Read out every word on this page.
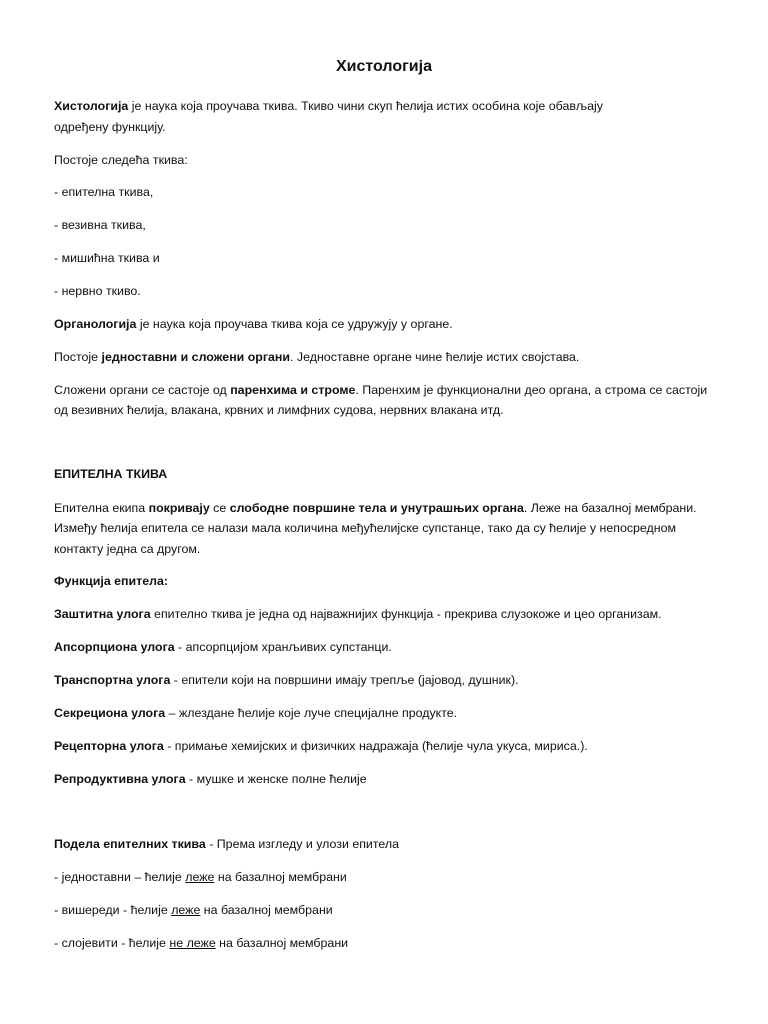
Хистологија
Хистологија је наука која проучава ткива. Ткиво чини скуп ћелија истих особина које обављају
одређену функцију.
Постоје следећа ткива:
- епителна ткива,
- везивна ткива,
- мишићна ткива и
- нервно ткиво.
Органологија је наука која проучава ткива која се удружују у органе.
Постоје једноставни и сложени органи. Једноставне органе чине ћелије истих својстава.
Сложени органи се састоје од паренхима и строме. Паренхим је функционални део органа, а строма се састоји
од везивних ћелија, влакана, крвних и лимфних судова, нервних влакана итд.
ЕПИТЕЛНА ТКИВА
Епителна екипа покривају се слободне површине тела и унутрашњих органа. Леже на базалној мембрани.
Између ћелија епитела се налази мала количина међућелијске супстанце, тако да су ћелије у непосредном
контакту једна са другом.
Функција епитела:
Заштитна улога епително ткива је једна од најважнијих функција - прекрива слузокоже и цео организам.
Апсорпциона улога - апсорпцијом хранљивих супстанци.
Транспортна улога - епители који на површини имају трепље (јајовод, душник).
Секрециона улога – жлездане ћелије које луче специјалне продукте.
Рецепторна улога - примање хемијских и физичких надражаја (ћелије чула укуса, мириса.).
Репродуктивна улога - мушке и женске полне ћелије
Подела епителних ткива - Према изгледу и улози епитела
- једноставни – ћелије леже на базалној мембрани
- вишереди - ћелије леже на базалној мембрани
- слојевити - ћелије не леже на базалној мембрани
